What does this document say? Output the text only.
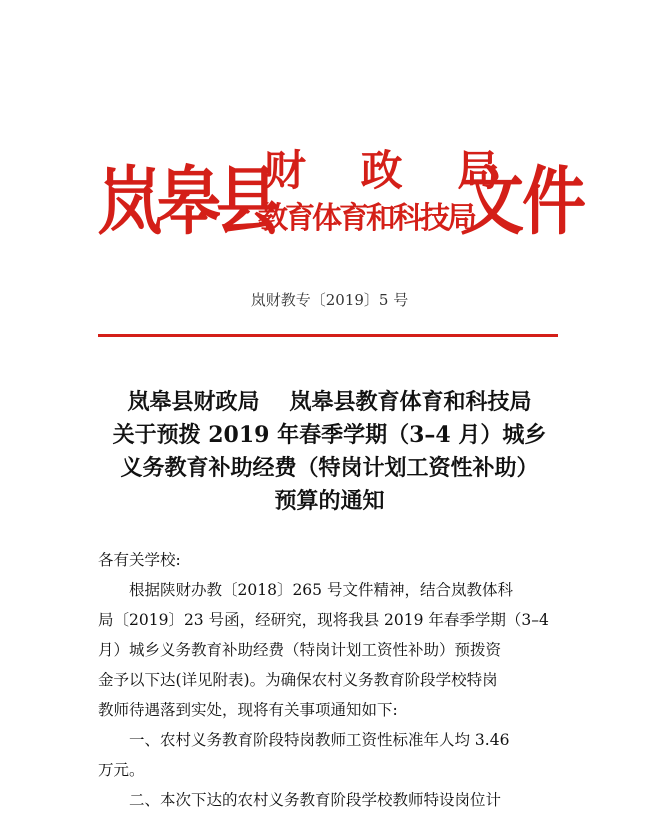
岚皋县
财 政 局
教育体育和科技局
文件
岚财教专〔2019〕5 号
岚皋县财政局 岚皋县教育体育和科技局
关于预拨 2019 年春季学期（3–4 月）城乡
义务教育补助经费（特岗计划工资性补助）
预算的通知

各有关学校:

根据陕财办教〔2018〕265 号文件精神，结合岚教体科
局〔2019〕23 号函，经研究，现将我县 2019 年春季学期（3–4
月）城乡义务教育补助经费（特岗计划工资性补助）预拨资
金予以下达(详见附表)。为确保农村义务教育阶段学校特岗
教师待遇落到实处，现将有关事项通知如下:

一、农村义务教育阶段特岗教师工资性标准年人均 3.46
万元。

二、本次下达的农村义务教育阶段学校教师特设岗位计
